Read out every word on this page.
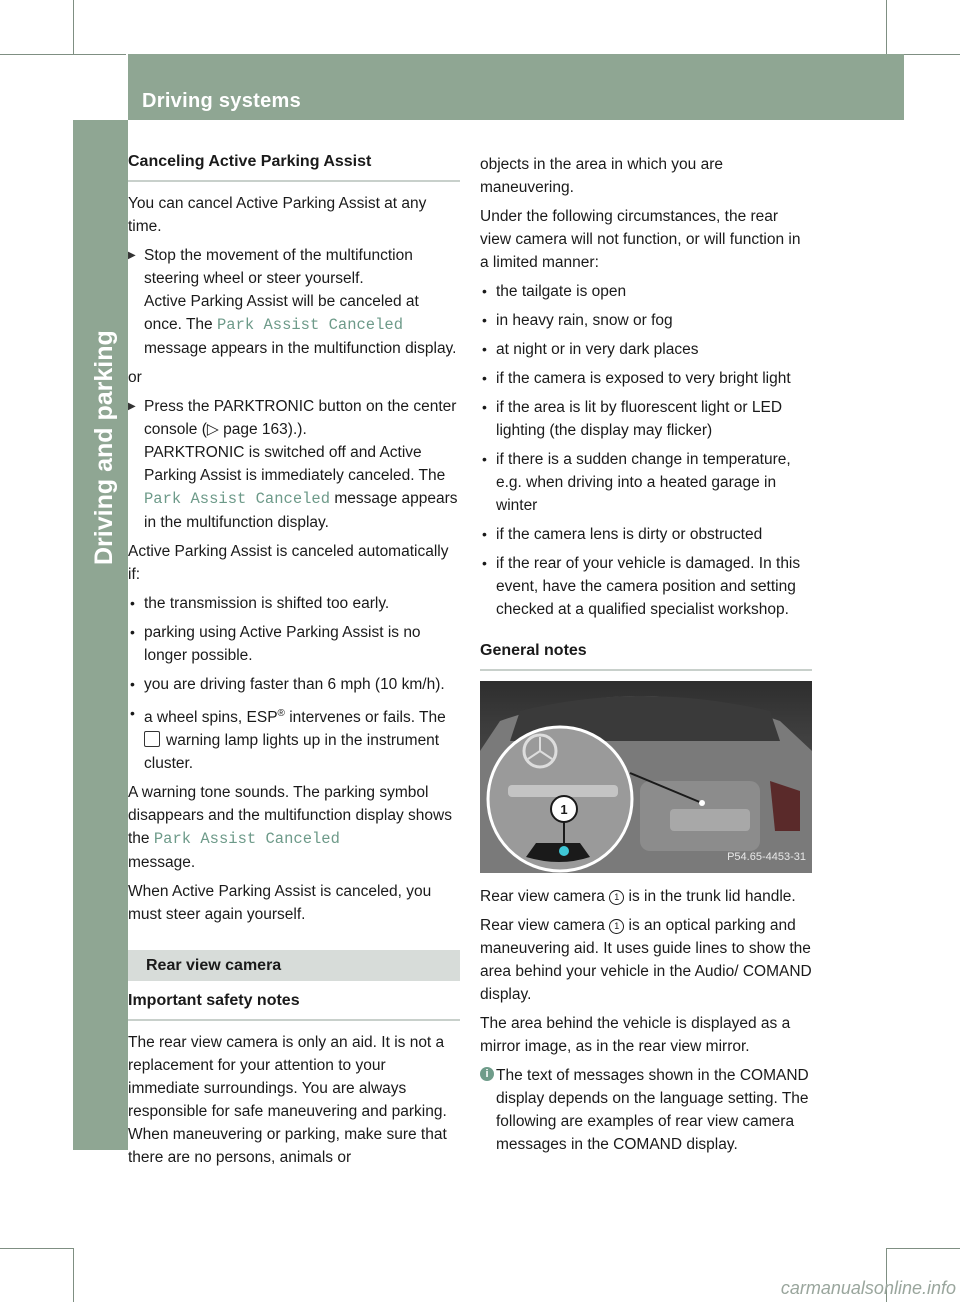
Driving and parking
168 Driving systems
Canceling Active Parking Assist

You can cancel Active Parking Assist at any time.

▶ Stop the movement of the multifunction steering wheel or steer yourself.
Active Parking Assist will be canceled at once. The Park Assist Canceled message appears in the multifunction display.

or

▶ Press the PARKTRONIC button on the center console (▷ page 163).).
PARKTRONIC is switched off and Active Parking Assist is immediately canceled. The Park Assist Canceled message appears in the multifunction display.

Active Parking Assist is canceled automatically if:

• the transmission is shifted too early.
• parking using Active Parking Assist is no longer possible.
• you are driving faster than 6 mph (10 km/h).
• a wheel spins, ESP® intervenes or fails. The
warning lamp lights up in the instrument cluster.

A warning tone sounds. The parking symbol disappears and the multifunction display shows the Park Assist Canceled
message.

When Active Parking Assist is canceled, you must steer again yourself.

Rear view camera
Important safety notes

The rear view camera is only an aid. It is not a replacement for your attention to your immediate surroundings. You are always responsible for safe maneuvering and parking. When maneuvering or parking, make sure that there are no persons, animals or

objects in the area in which you are maneuvering.

Under the following circumstances, the rear view camera will not function, or will function in a limited manner:

• the tailgate is open
• in heavy rain, snow or fog
• at night or in very dark places
• if the camera is exposed to very bright light
• if the area is lit by fluorescent light or LED lighting (the display may flicker)
• if there is a sudden change in temperature, e.g. when driving into a heated garage in winter
• if the camera lens is dirty or obstructed
• if the rear of your vehicle is damaged. In this event, have the camera position and setting checked at a qualified specialist workshop.
General notes
1
P54.65-4453-31

Rear view camera 1 is in the trunk lid handle.

Rear view camera 1 is an optical parking and maneuvering aid. It uses guide lines to show the area behind your vehicle in the Audio/ COMAND display.

The area behind the vehicle is displayed as a mirror image, as in the rear view mirror.

i The text of messages shown in the COMAND display depends on the language setting. The following are examples of rear view camera messages in the COMAND display.
carmanualsonline.info
